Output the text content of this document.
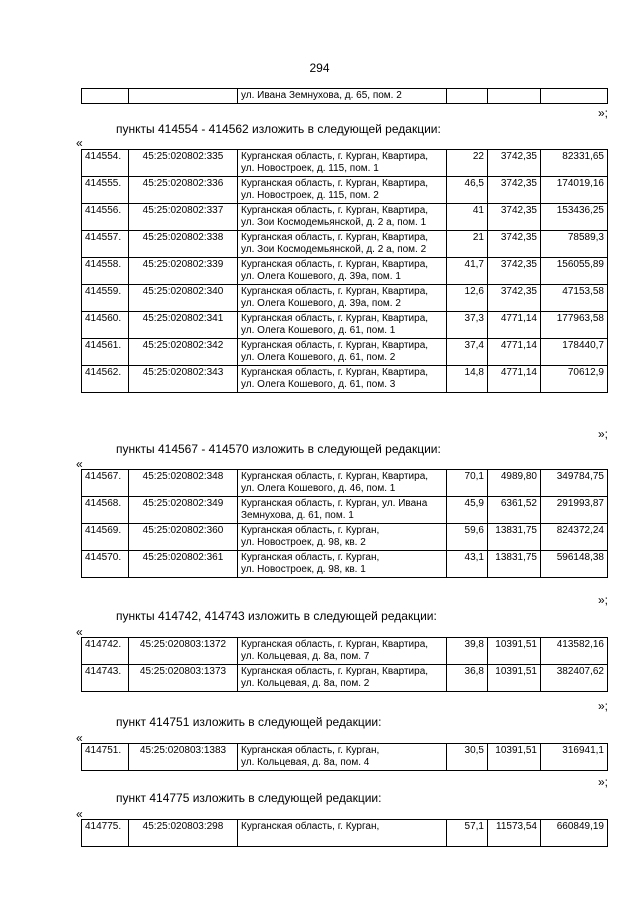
294
		ул. Ивана Земнухова, д. 65, пом. 2			
»;
пункты 414554 - 414562 изложить в следующей редакции:
«
414554.	45:25:020802:335	Курганская область, г. Курган, Квартира,
ул. Новостроек, д. 115, пом. 1	22	3742,35	82331,65
414555.	45:25:020802:336	Курганская область, г. Курган, Квартира,
ул. Новостроек, д. 115, пом. 2	46,5	3742,35	174019,16
414556.	45:25:020802:337	Курганская область, г. Курган, Квартира,
ул. Зои Космодемьянской, д. 2 а, пом. 1	41	3742,35	153436,25
414557.	45:25:020802:338	Курганская область, г. Курган, Квартира,
ул. Зои Космодемьянской, д. 2 а, пом. 2	21	3742,35	78589,3
414558.	45:25:020802:339	Курганская область, г. Курган, Квартира,
ул. Олега Кошевого, д. 39а, пом. 1	41,7	3742,35	156055,89
414559.	45:25:020802:340	Курганская область, г. Курган, Квартира,
ул. Олега Кошевого, д. 39а, пом. 2	12,6	3742,35	47153,58
414560.	45:25:020802:341	Курганская область, г. Курган, Квартира,
ул. Олега Кошевого, д. 61, пом. 1	37,3	4771,14	177963,58
414561.	45:25:020802:342	Курганская область, г. Курган, Квартира,
ул. Олега Кошевого, д. 61, пом. 2	37,4	4771,14	178440,7
414562.	45:25:020802:343	Курганская область, г. Курган, Квартира,
ул. Олега Кошевого, д. 61, пом. 3	14,8	4771,14	70612,9
»;
пункты 414567 - 414570 изложить в следующей редакции:
«
414567.	45:25:020802:348	Курганская область, г. Курган, Квартира,
ул. Олега Кошевого, д. 46, пом. 1	70,1	4989,80	349784,75
414568.	45:25:020802:349	Курганская область, г. Курган, ул. Ивана
Земнухова, д. 61, пом. 1	45,9	6361,52	291993,87
414569.	45:25:020802:360	Курганская область, г. Курган,
ул. Новостроек, д. 98, кв. 2	59,6	13831,75	824372,24
414570.	45:25:020802:361	Курганская область, г. Курган,
ул. Новостроек, д. 98, кв. 1	43,1	13831,75	596148,38
»;
пункты 414742, 414743 изложить в следующей редакции:
«
414742.	45:25:020803:1372	Курганская область, г. Курган, Квартира,
ул. Кольцевая, д. 8а, пом. 7	39,8	10391,51	413582,16
414743.	45:25:020803:1373	Курганская область, г. Курган, Квартира,
ул. Кольцевая, д. 8а, пом. 2	36,8	10391,51	382407,62
»;
пункт 414751 изложить в следующей редакции:
«
414751.	45:25:020803:1383	Курганская область, г. Курган,
ул. Кольцевая, д. 8а, пом. 4
	30,5	10391,51	316941,1
»;
пункт 414775 изложить в следующей редакции:
«
414775.	45:25:020803:298	Курганская область, г. Курган,	57,1	11573,54	660849,19
